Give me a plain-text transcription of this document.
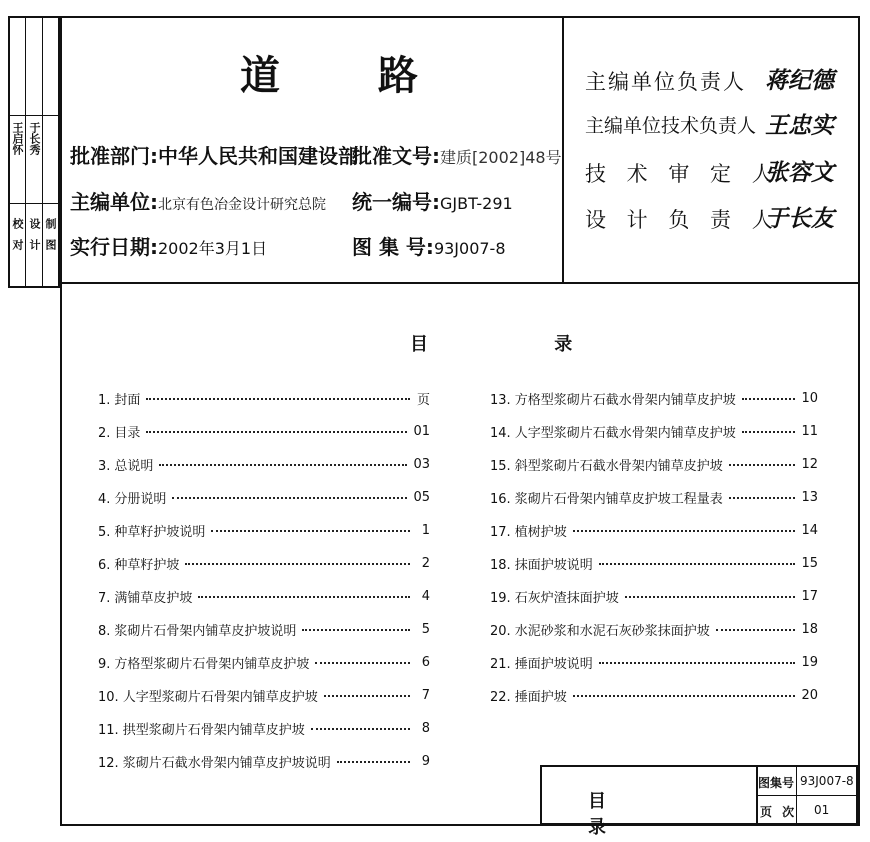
王启怀 于长秀
校对 设计 制图
道 路
批准部门:中华人民共和国建设部
批准文号:建质[2002]48号
主编单位:北京有色冶金设计研究总院 统一编号:GJBT-291
实行日期:2002年3月1日	图 集 号:93J007-8
主编单位负责人 蒋纪德
主编单位技术负责人 王忠实
技 术 审 定 人
张容文
设 计 负 责 人
于长友
目 录
1. 封面	页
2. 目录	01
3. 总说明	03
4. 分册说明	05
5. 种草籽护坡说明	1
6. 种草籽护坡	2
7. 满铺草皮护坡	4
8. 浆砌片石骨架内铺草皮护坡说明	5
9. 方格型浆砌片石骨架内铺草皮护坡	6
10. 人字型浆砌片石骨架内铺草皮护坡	7
11. 拱型浆砌片石骨架内铺草皮护坡	8
12. 浆砌片石截水骨架内铺草皮护坡说明	9
13. 方格型浆砌片石截水骨架内铺草皮护坡	10
14. 人字型浆砌片石截水骨架内铺草皮护坡	11
15. 斜型浆砌片石截水骨架内铺草皮护坡	12
16. 浆砌片石骨架内铺草皮护坡工程量表	13
17. 植树护坡	14
18. 抹面护坡说明	15
19. 石灰炉渣抹面护坡	17
20. 水泥砂浆和水泥石灰砂浆抹面护坡	18
21. 捶面护坡说明	19
22. 捶面护坡	20
目 录
图集号 93J007-8
页 次 01
